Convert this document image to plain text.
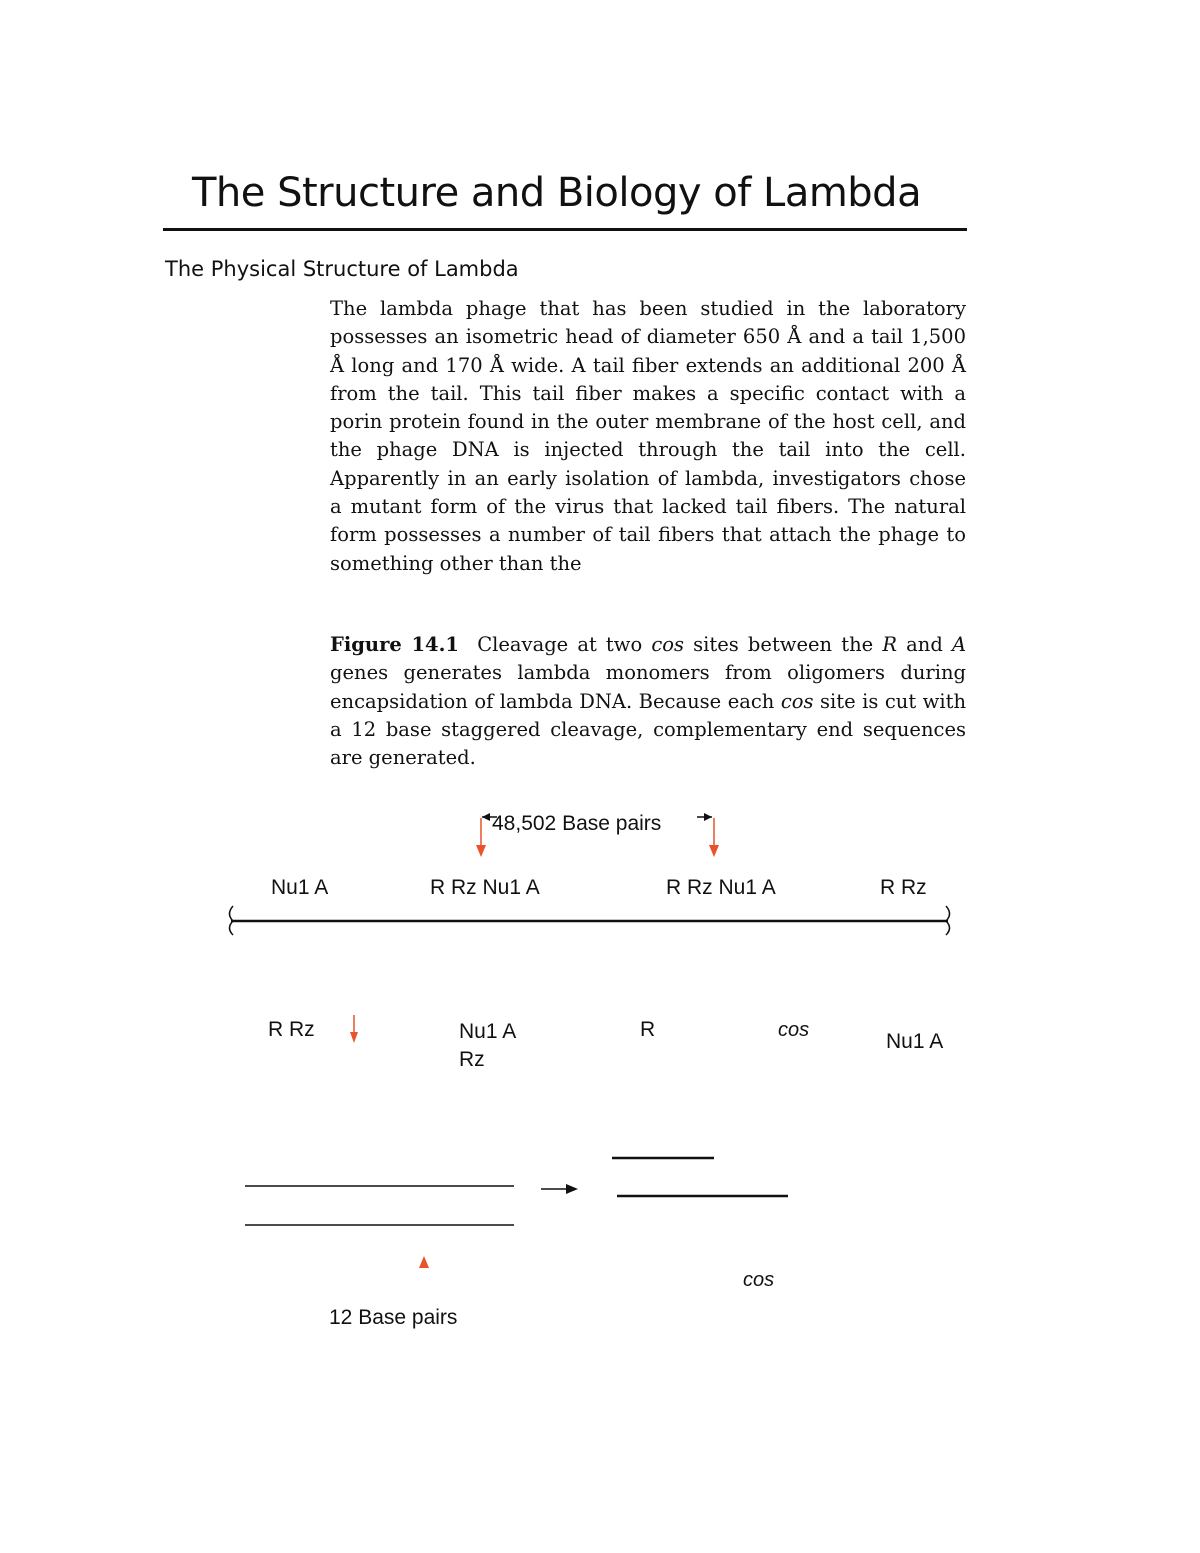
The Structure and Biology of Lambda
The Physical Structure of Lambda
The lambda phage that has been studied in the laboratory possesses an isometric head of diameter 650 Å and a tail 1,500 Å long and 170 Å wide. A tail fiber extends an additional 200 Å from the tail. This tail fiber makes a specific contact with a porin protein found in the outer membrane of the host cell, and the phage DNA is injected through the tail into the cell. Apparently in an early isolation of lambda, investigators chose a mutant form of the virus that lacked tail fibers. The natural form possesses a number of tail fibers that attach the phage to something other than the
Figure 14.1 Cleavage at two cos sites between the R and A genes generates lambda monomers from oligomers during encapsidation of lambda DNA. Because each cos site is cut with a 12 base staggered cleavage, complementary end sequences are generated.
48,502 Base pairs
Nu1 A	R Rz Nu1 A	R Rz Nu1 A	R Rz
R Rz	Nu1 A
Rz
R	cos	Nu1 A
cos
12 Base pairs
